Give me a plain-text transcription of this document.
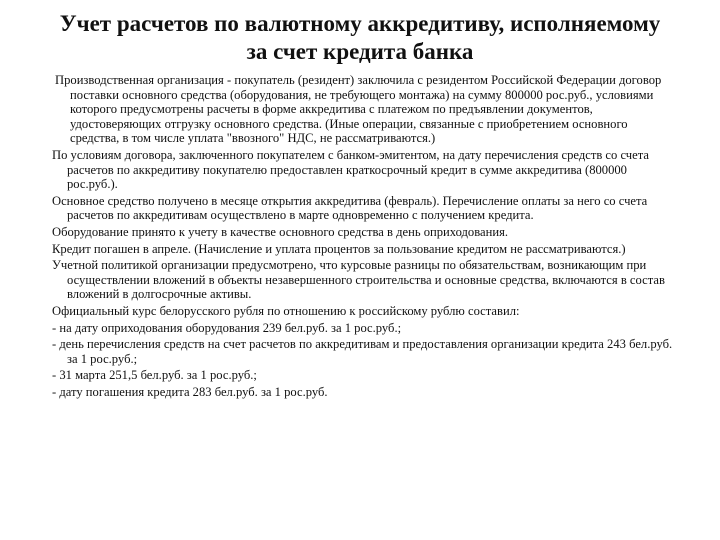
Учет расчетов по валютному аккредитиву, исполняемому
за счет кредита банка

Производственная организация - покупатель (резидент) заключила с резидентом Российской Федерации договор поставки основного средства (оборудования, не требующего монтажа) на сумму 800000 рос.руб., условиями которого предусмотрены расчеты в форме аккредитива с платежом по предъявлении документов, удостоверяющих отгрузку основного средства. (Иные операции, связанные с приобретением основного средства, в том числе уплата "ввозного" НДС, не рассматриваются.)

По условиям договора, заключенного покупателем с банком-эмитентом, на дату перечисления средств со счета расчетов по аккредитиву покупателю предоставлен краткосрочный кредит в сумме аккредитива (800000 рос.руб.).

Основное средство получено в месяце открытия аккредитива (февраль). Перечисление оплаты за него со счета расчетов по аккредитивам осуществлено в марте одновременно с получением кредита.

Оборудование принято к учету в качестве основного средства в день оприходования.

Кредит погашен в апреле. (Начисление и уплата процентов за пользование кредитом не рассматриваются.)

Учетной политикой организации предусмотрено, что курсовые разницы по обязательствам, возникающим при осуществлении вложений в объекты незавершенного строительства и основные средства, включаются в состав вложений в долгосрочные активы.

Официальный курс белорусского рубля по отношению к российскому рублю составил:

- на дату оприходования оборудования 239 бел.руб. за 1 рос.руб.;

- день перечисления средств на счет расчетов по аккредитивам и предоставления организации кредита 243 бел.руб. за 1 рос.руб.;

- 31 марта 251,5 бел.руб. за 1 рос.руб.;

- дату погашения кредита 283 бел.руб. за 1 рос.руб.
